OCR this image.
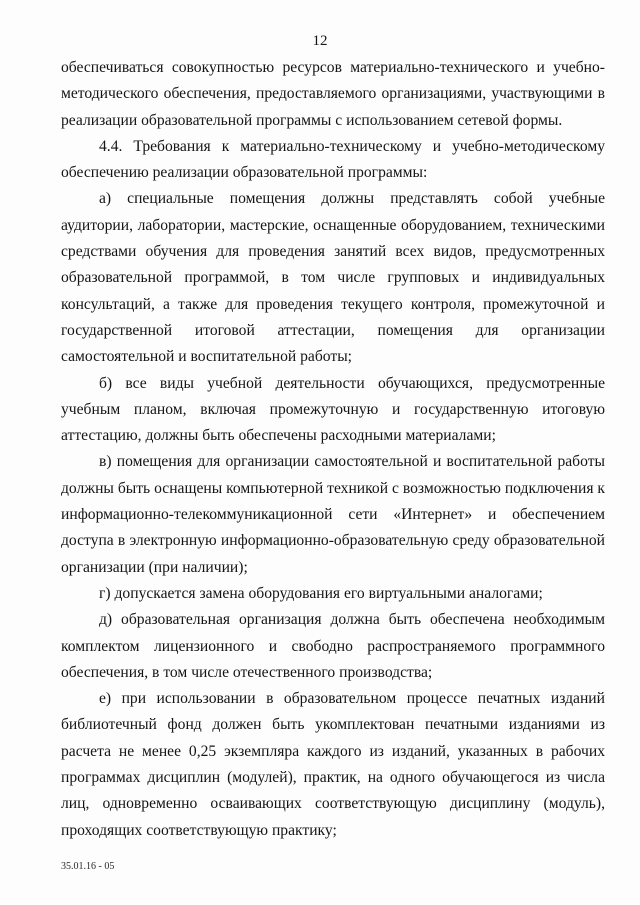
12

обеспечиваться совокупностью ресурсов материально-технического и учебно-методического обеспечения, предоставляемого организациями, участвующими в реализации образовательной программы с использованием сетевой формы.

4.4. Требования к материально-техническому и учебно-методическому обеспечению реализации образовательной программы:

а) специальные помещения должны представлять собой учебные аудитории, лаборатории, мастерские, оснащенные оборудованием, техническими средствами обучения для проведения занятий всех видов, предусмотренных образовательной программой, в том числе групповых и индивидуальных консультаций, а также для проведения текущего контроля, промежуточной и государственной итоговой аттестации, помещения для организации самостоятельной и воспитательной работы;

б) все виды учебной деятельности обучающихся, предусмотренные учебным планом, включая промежуточную и государственную итоговую аттестацию, должны быть обеспечены расходными материалами;

в) помещения для организации самостоятельной и воспитательной работы должны быть оснащены компьютерной техникой с возможностью подключения к информационно-телекоммуникационной сети «Интернет» и обеспечением доступа в электронную информационно-образовательную среду образовательной организации (при наличии);

г) допускается замена оборудования его виртуальными аналогами;

д) образовательная организация должна быть обеспечена необходимым комплектом лицензионного и свободно распространяемого программного обеспечения, в том числе отечественного производства;

е) при использовании в образовательном процессе печатных изданий библиотечный фонд должен быть укомплектован печатными изданиями из расчета не менее 0,25 экземпляра каждого из изданий, указанных в рабочих программах дисциплин (модулей), практик, на одного обучающегося из числа лиц, одновременно осваивающих соответствующую дисциплину (модуль), проходящих соответствующую практику;

35.01.16 - 05
